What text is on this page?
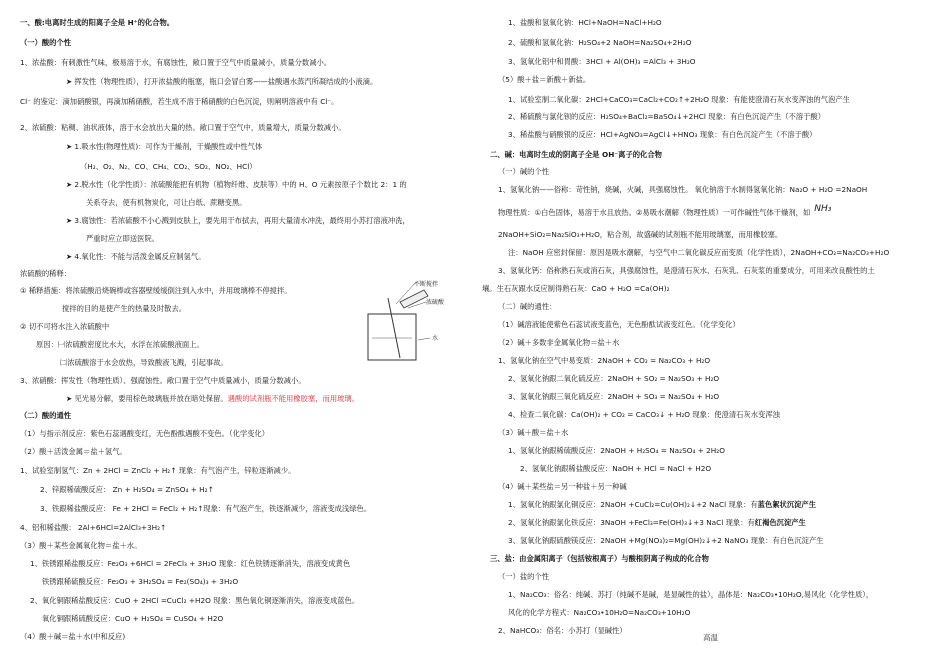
一、酸:电离时生成的阳离子全是 H⁺的化合物。
（一）酸的个性
1、浓盐酸：有刺激性气味，极易溶于水，有腐蚀性，敞口置于空气中质量减小，质量分数减小。
➤ 挥发性（物理性质），打开浓盐酸的瓶塞，瓶口会冒白雾——盐酸遇水蒸汽所凝结成的小液滴。
Cl⁻ 的鉴定：滴加硝酸银，再滴加稀硝酸，若生成不溶于稀硝酸的白色沉淀，则阐明溶液中有 Cl⁻。
2、浓硫酸：粘稠、油状液体，溶于水会放出大量的热。敞口置于空气中，质量增大，质量分数减小。
➤ 1.吸水性(物理性质)：可作为干燥剂，干燥酸性或中性气体
（H₂、O₂、N₂、CO、CH₄、CO₂、SO₂、NO₂、HCl）
➤ 2.脱水性（化学性质）：浓硫酸能把有机物（植物纤维、皮肤等）中的 H、O 元素按原子个数比 2：1 的
关系夺去，使有机物炭化，可让白纸、蔗糖变黑。
➤ 3.腐蚀性：若浓硫酸不小心溅到皮肤上，要先用干布拭去，再用大量清水冲洗，最终用小苏打溶液冲洗，
严重时应立即送医院。
➤ 4.氧化性：不能与活泼金属反应制氢气。
浓硫酸的稀释：
① 稀释措施：将浓硫酸沿烧碗棒或容器壁缓缓倒注到入水中，并用玻璃棒不停搅拌。
搅拌的目的是使产生的热量及时散去。
② 切不可将水注入浓硫酸中
原因：㈠浓硫酸密度比水大，水浮在浓硫酸液面上。
㈡浓硫酸溶于水会放热，导致酸液飞溅，引起事故。
3、浓硝酸：挥发性（物理性质）、强腐蚀性。敞口置于空气中质量减小，质量分数减小。
➤ 见光易分解，要用棕色玻璃瓶并放在暗处保留。遇酸的试剂瓶不能用橡胶塞，而用玻璃。
（二）酸的通性
（1）与指示剂反应：紫色石蕊遇酸变红，无色酚酞遇酸不变色。（化学变化）
（2）酸＋活泼金属＝盐＋氢气。
1、试验室制氢气：Zn + 2HCl = ZnCl₂ + H₂↑ 现象：有气泡产生，锌粒逐渐减少。
2、锌跟稀硫酸反应： Zn + H₂SO₄ = ZnSO₄ + H₂↑
3、铁跟稀盐酸反应： Fe + 2HCl = FeCl₂ + H₂↑现象：有气泡产生，铁逐渐减少，溶液变成浅绿色。
4、铝和稀盐酸： 2Al+6HCl=2AlCl₃+3H₂↑
（3）酸＋某些金属氧化物＝盐＋水。
1、铁锈跟稀盐酸反应：Fe₂O₃ +6HCl = 2FeCl₃ + 3H₂O 现象：红色铁锈逐渐消失，溶液变成黄色
铁锈跟稀硫酸反应：Fe₂O₃ + 3H₂SO₄ = Fe₂(SO₄)₃ + 3H₂O
2、氧化铜跟稀盐酸反应：CuO + 2HCl =CuCl₂ +H2O 现象：黑色氧化铜逐渐消失，溶液变成蓝色。
氧化铜跟稀硫酸反应：CuO + H₂SO₄ = CuSO₄ + H2O
（4）酸＋碱＝盐＋水(中和反应)
1、盐酸和氢氧化钠：HCl+NaOH=NaCl+H₂O
2、硫酸和氢氧化钠：H₂SO₄+2 NaOH=Na₂SO₄+2H₂O
3、氢氧化铝中和胃酸：3HCl + Al(OH)₃ =AlCl₃ + 3H₂O
（5）酸＋盐＝新酸＋新盐。
1、试验室制二氧化碳：2HCl+CaCO₃=CaCl₂+CO₂↑+2H₂O 现象：有能使澄清石灰水变浑浊的气泡产生
2、稀硫酸与氯化钡的反应：H₂SO₄+BaCl₂=BaSO₄↓+2HCl 现象：有白色沉淀产生（不溶于酸）
3、稀盐酸与硝酸银的反应：HCl+AgNO₃=AgCl↓+HNO₃ 现象：有白色沉淀产生（不溶于酸）
二、碱：电离时生成的阴离子全是 OH⁻离子的化合物
（一）碱的个性
1、氢氧化钠——俗称：苛性钠，烧碱，火碱，具强腐蚀性。 氧化钠溶于水制得氢氧化钠：Na₂O + H₂O =2NaOH
物理性质：①白色固体，易溶于水且放热。②易吸水潮解（物理性质）一可作碱性气体干燥剂，如 NH₃
2NaOH+SiO₂=Na₂SiO₃+H₂O，粘合剂，故盛碱的试剂瓶不能用玻璃塞，而用橡胶塞。
注：NaOH 应密封保留：原因是吸水潮解，与空气中二氧化碳反应而变质（化学性质），2NaOH+CO₂=Na₂CO₃+H₂O
3、氢氧化钙：俗称熟石灰或消石灰，具强腐蚀性，是澄清石灰水、石灰乳、石灰浆的重要成分，可用来改良酸性的土
壤。生石灰跟水反应制得熟石灰：CaO + H₂O =Ca(OH)₂
（二）碱的通性：
（1）碱溶液能使紫色石蕊试液变蓝色，无色酚酞试液变红色。（化学变化）
（2）碱＋多数非金属氧化物＝盐＋水
1、氢氧化钠在空气中易变质：2NaOH + CO₂ = Na₂CO₃ + H₂O
2、氢氧化钠跟二氧化硫反应：2NaOH + SO₂ = Na₂SO₃ + H₂O
3、氢氧化钠跟三氧化硫反应：2NaOH + SO₃ = Na₂SO₄ + H₂O
4、检查二氧化碳：Ca(OH)₂ + CO₂ = CaCO₃↓ + H₂O 现象：使澄清石灰水变浑浊
（3）碱＋酸＝盐＋水
1、氢氧化钠跟稀硫酸反应：2NaOH + H₂SO₄ = Na₂SO₄ + 2H₂O
2、氢氧化钠跟稀盐酸反应：NaOH + HCl = NaCl + H2O
（4）碱＋某些盐＝另一种盐＋另一种碱
1、氢氧化钠跟氯化铜反应：2NaOH +CuCl₂=Cu(OH)₂↓+2 NaCl 现象：有蓝色絮状沉淀产生
2、氢氧化钠跟氯化铁反应：3NaOH +FeCl₃=Fe(OH)₃↓+3 NaCl 现象：有红褐色沉淀产生
3、氢氧化钠跟硫酸镁反应：2NaOH +Mg(NO₃)₂=Mg(OH)₂↓+2 NaNO₃ 现象：有白色沉淀产生
三、盐：由金属阳离子（包括铵根离子）与酸根阴离子构成的化合物
（一）盐的个性
1、Na₂CO₃：俗名：纯碱、苏打（纯碱不是碱，是显碱性的盐），晶体是：Na₂CO₃•10H₂O,易风化（化学性质），
风化的化学方程式：Na₂CO₃•10H₂O=Na₂CO₃+10H₂O
2、NaHCO₃：俗名：小苏打（显碱性）
不断搅拌
浓硫酸
水
高温
